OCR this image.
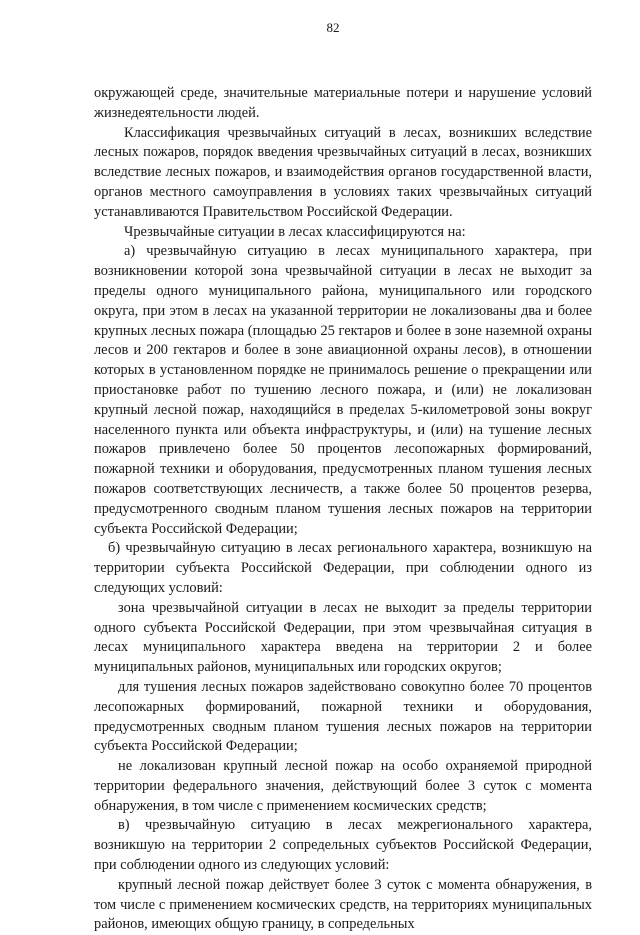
82

окружающей среде, значительные материальные потери и нарушение условий жизнедеятельности людей.

Классификация чрезвычайных ситуаций в лесах, возникших вследствие лесных пожаров, порядок введения чрезвычайных ситуаций в лесах, возникших вследствие лесных пожаров, и взаимодействия органов государственной власти, органов местного самоуправления в условиях таких чрезвычайных ситуаций устанавливаются Правительством Российской Федерации.

Чрезвычайные ситуации в лесах классифицируются на:

а) чрезвычайную ситуацию в лесах муниципального характера, при возникновении которой зона чрезвычайной ситуации в лесах не выходит за пределы одного муниципального района, муниципального или городского округа, при этом в лесах на указанной территории не локализованы два и более крупных лесных пожара (площадью 25 гектаров и более в зоне наземной охраны лесов и 200 гектаров и более в зоне авиационной охраны лесов), в отношении которых в установленном порядке не принималось решение о прекращении или приостановке работ по тушению лесного пожара, и (или) не локализован крупный лесной пожар, находящийся в пределах 5-километровой зоны вокруг населенного пункта или объекта инфраструктуры, и (или) на тушение лесных пожаров привлечено более 50 процентов лесопожарных формирований, пожарной техники и оборудования, предусмотренных планом тушения лесных пожаров соответствующих лесничеств, а также более 50 процентов резерва, предусмотренного сводным планом тушения лесных пожаров на территории субъекта Российской Федерации;

б) чрезвычайную ситуацию в лесах регионального характера, возникшую на территории субъекта Российской Федерации, при соблюдении одного из следующих условий:

зона чрезвычайной ситуации в лесах не выходит за пределы территории одного субъекта Российской Федерации, при этом чрезвычайная ситуация в лесах муниципального характера введена на территории 2 и более муниципальных районов, муниципальных или городских округов;

для тушения лесных пожаров задействовано совокупно более 70 процентов лесопожарных формирований, пожарной техники и оборудования, предусмотренных сводным планом тушения лесных пожаров на территории субъекта Российской Федерации;

не локализован крупный лесной пожар на особо охраняемой природной территории федерального значения, действующий более 3 суток с момента обнаружения, в том числе с применением космических средств;

в) чрезвычайную ситуацию в лесах межрегионального характера, возникшую на территории 2 сопредельных субъектов Российской Федерации, при соблюдении одного из следующих условий:

крупный лесной пожар действует более 3 суток с момента обнаружения, в том числе с применением космических средств, на территориях муниципальных районов, имеющих общую границу, в сопредельных
